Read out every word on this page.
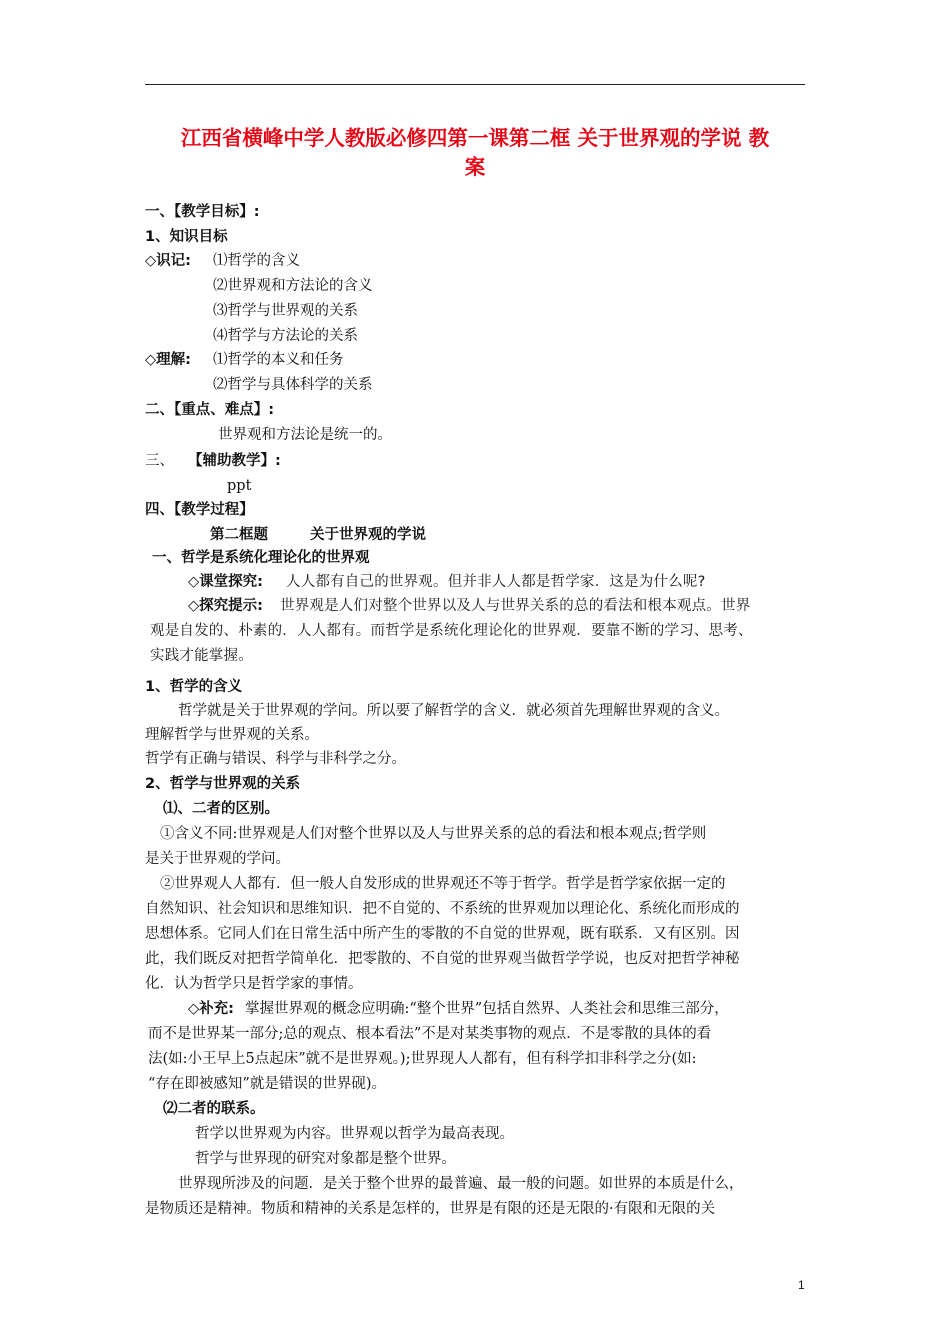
江西省横峰中学人教版必修四第一课第二框 关于世界观的学说 教
案
一、【教学目标】:
1、知识目标
◇识记: ⑴哲学的含义
⑵世界观和方法论的含义
⑶哲学与世界观的关系
⑷哲学与方法论的关系
◇理解: ⑴哲学的本义和任务
⑵哲学与具体科学的关系
二、【重点、难点】:
世界观和方法论是统一的。
三、 【辅助教学】:
ppt
四、【教学过程】
第二框题	关于世界观的学说
一、哲学是系统化理论化的世界观
◇课堂探究: 人人都有自己的世界观。但并非人人都是哲学家．这是为什么呢?
◇探究提示: 世界观是人们对整个世界以及人与世界关系的总的看法和根本观点。世界
观是自发的、朴素的．人人都有。而哲学是系统化理论化的世界观．要靠不断的学习、思考、
实践才能掌握。
1、哲学的含义
哲学就是关于世界观的学问。所以要了解哲学的含义．就必须首先理解世界观的含义。
理解哲学与世界观的关系。
哲学有正确与错误、科学与非科学之分。
2、哲学与世界观的关系
⑴、二者的区别。
①含义不同:世界观是人们对整个世界以及人与世界关系的总的看法和根本观点;哲学则
是关于世界观的学问。
②世界观人人都有．但一般人自发形成的世界观还不等于哲学。哲学是哲学家依据一定的
自然知识、社会知识和思维知识．把不自觉的、不系统的世界观加以理论化、系统化而形成的
思想体系。它同人们在日常生活中所产生的零散的不自觉的世界观，既有联系．又有区别。因
此，我们既反对把哲学简单化．把零散的、不自觉的世界观当做哲学学说，也反对把哲学神秘
化．认为哲学只是哲学家的事情。
◇补充: 掌握世界观的概念应明确:“整个世界”包括自然界、人类社会和思维三部分，
而不是世界某一部分;总的观点、根本看法”不是对某类事物的观点．不是零散的具体的看
法(如:小王早上5点起床”就不是世界观。);世界现人人都有，但有科学扣非科学之分(如:
“存在即被感知”就是错误的世界砚)。
⑵二者的联系。
哲学以世界观为内容。世界观以哲学为最高表现。
哲学与世界现的研究对象都是整个世界。
世界现所涉及的问题．是关于整个世界的最普遍、最一般的问题。如世界的本质是什么，
是物质还是精神。物质和精神的关系是怎样的，世界是有限的还是无限的·有限和无限的关
1
